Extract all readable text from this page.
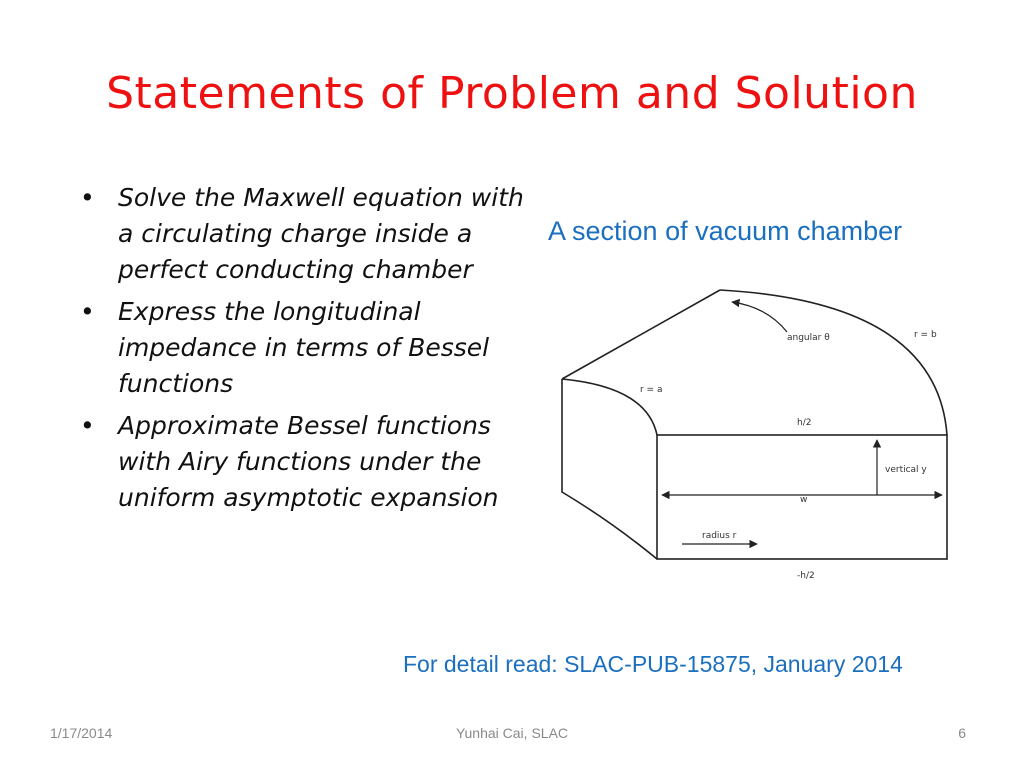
Statements of Problem and Solution
• Solve the Maxwell equation with a circulating charge inside a perfect conducting chamber
• Express the longitudinal impedance in terms of Bessel functions
• Approximate Bessel functions with Airy functions under the uniform asymptotic expansion
A section of vacuum chamber
angular θ	r = b
r = a
h/2
vertical y
w
radius r
-h/2
For detail read: SLAC-PUB-15875, January 2014
1/17/2014	Yunhai Cai, SLAC	6
